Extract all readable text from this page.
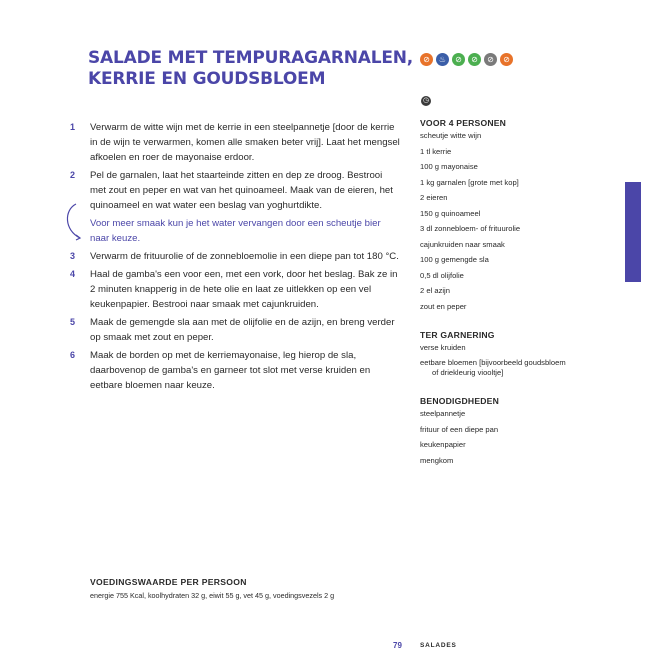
SALADE MET TEMPURAGARNALEN,
KERRIE EN GOUDSBLOEM
⊘	♨	⊘	⊘	⊘	⊘
◷
1 Verwarm de witte wijn met de kerrie in een steelpannetje [door de kerrie in de wijn te verwarmen, komen alle smaken beter vrij]. Laat het mengsel afkoelen en roer de mayonaise erdoor.
2 Pel de garnalen, laat het staarteinde zitten en dep ze droog. Bestrooi met zout en peper en wat van het quinoameel. Maak van de eieren, het quinoameel en wat water een beslag van yoghurtdikte.
Voor meer smaak kun je het water vervangen door een scheutje bier naar keuze.
3 Verwarm de frituurolie of de zonnebloemolie in een diepe pan tot 180 °C.
4 Haal de gamba's een voor een, met een vork, door het beslag. Bak ze in 2 minuten knapperig in de hete olie en laat ze uitlekken op een vel keukenpapier. Bestrooi naar smaak met cajunkruiden.
5 Maak de gemengde sla aan met de olijfolie en de azijn, en breng verder op smaak met zout en peper.
6 Maak de borden op met de kerriemayonaise, leg hierop de sla, daarbovenop de gamba's en garneer tot slot met verse kruiden en eetbare bloemen naar keuze.
VOOR 4 PERSONEN
scheutje witte wijn
1 tl kerrie
100 g mayonaise
1 kg garnalen [grote met kop]
2 eieren
150 g quinoameel
3 dl zonnebloem- of frituurolie
cajunkruiden naar smaak
100 g gemengde sla
0,5 dl olijfolie
2 el azijn
zout en peper
TER GARNERING
verse kruiden
eetbare bloemen [bijvoorbeeld goudsbloem of driekleurig viooltje]
BENODIGDHEDEN
steelpannetje
frituur of een diepe pan
keukenpapier
mengkom
VOEDINGSWAARDE PER PERSOON
energie 755 Kcal, koolhydraten 32 g, eiwit 55 g, vet 45 g, voedingsvezels 2 g
79	SALADES
